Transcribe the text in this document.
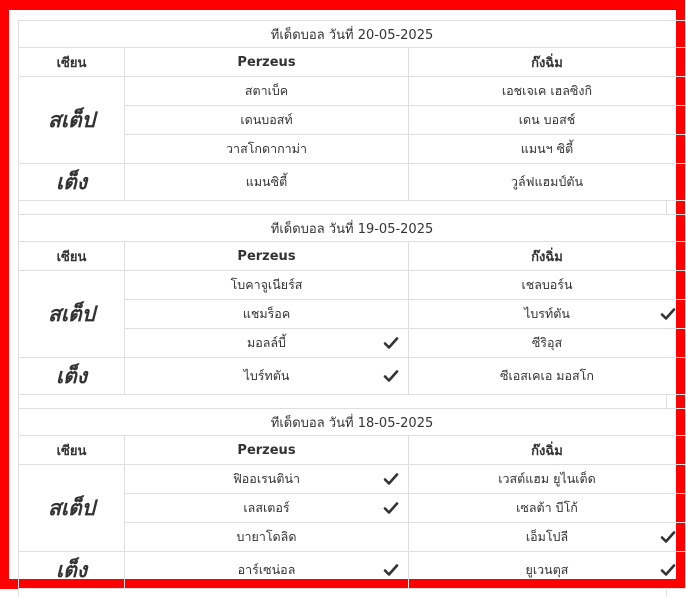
ทีเด็ดบอล วันที่ 20-05-2025		
เซียน	Perzeus	ก๊งฉิ่ม
สเต็ป	สตาเบ็ค	เอชเจเค เฮลซิงกิ
	เดนบอสท์	เดน บอสช์
	วาสโกดากาม่า	แมนฯ ซิตี้
เต็ง	แมนซิตี้	วูล์ฟแฮมป์ตัน
ทีเด็ดบอล วันที่ 19-05-2025		
เซียน	Perzeus	ก๊งฉิ่ม
สเต็ป	โบคาจูเนียร์ส	เชลบอร์น
	แชมร็อค	ไบรท์ตัน

	มอลล์บี้	ซีริอุส
เต็ง	ไบร์ทตัน	ซีเอสเคเอ มอสโก
ทีเด็ดบอล วันที่ 18-05-2025		
เซียน	Perzeus	ก๊งฉิ่ม
สเต็ป	ฟิออเรนติน่า	เวสต์แฮม ยูไนเต็ด
	เลสเตอร์	เซลต้า บีโก้
	บายาโดลิด	เอ็มโปลี

เต็ง	อาร์เซน่อล	ยูเวนตุส
